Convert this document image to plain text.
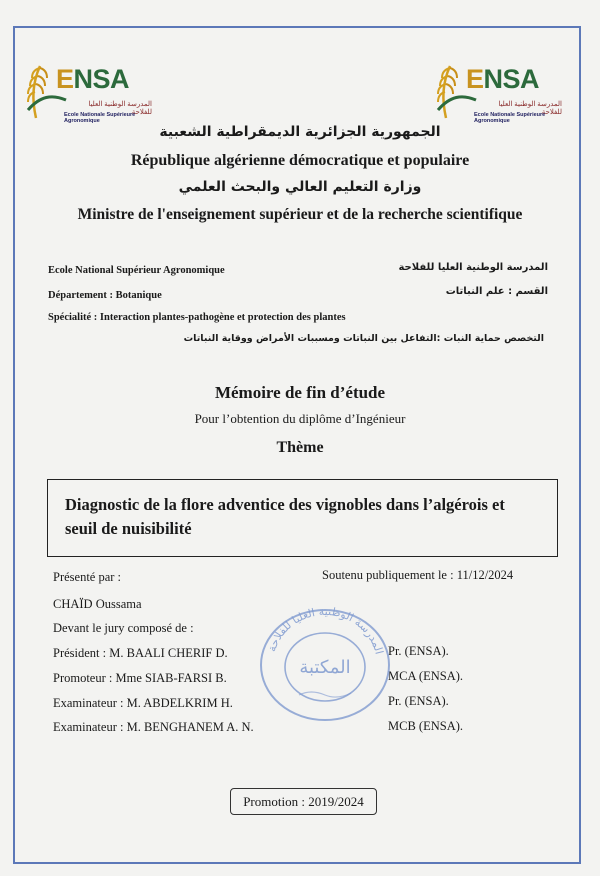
ENSA
المدرسة الوطنية العليا للفلاحة
Ecole Nationale Supérieure Agronomique
ENSA
المدرسة الوطنية العليا للفلاحة
Ecole Nationale Supérieure Agronomique
الجمهورية الجزائرية الديمقراطية الشعبية
République algérienne démocratique et populaire
وزارة التعليم العالي والبحث العلمي
Ministre de l'enseignement supérieur et de la recherche scientifique
Ecole National Supérieur Agronomique	المدرسة الوطنية العليا للفلاحة
Département : Botanique	القسم : علم النباتات
Spécialité : Interaction plantes-pathogène et protection des plantes
التخصص حماية النبات :التفاعل بين النباتات ومسببات الأمراض ووقاية النباتات
Mémoire de fin d’étude
Pour l’obtention du diplôme d’Ingénieur
Thème
Diagnostic de la flore adventice des vignobles dans l’algérois et
seuil de nuisibilité
Présenté par :	Soutenu publiquement le : 11/12/2024
CHAÏD Oussama
Devant le jury composé de :
Président : M. BAALI CHERIF D.	Pr. (ENSA).
Promoteur : Mme SIAB-FARSI B.	MCA (ENSA).
Examinateur : M. ABDELKRIM H.	Pr. (ENSA).
Examinateur : M. BENGHANEM A. N.	MCB (ENSA).
المدرسة الوطنية العليا للفلاحة
المكتبة
Promotion : 2019/2024
